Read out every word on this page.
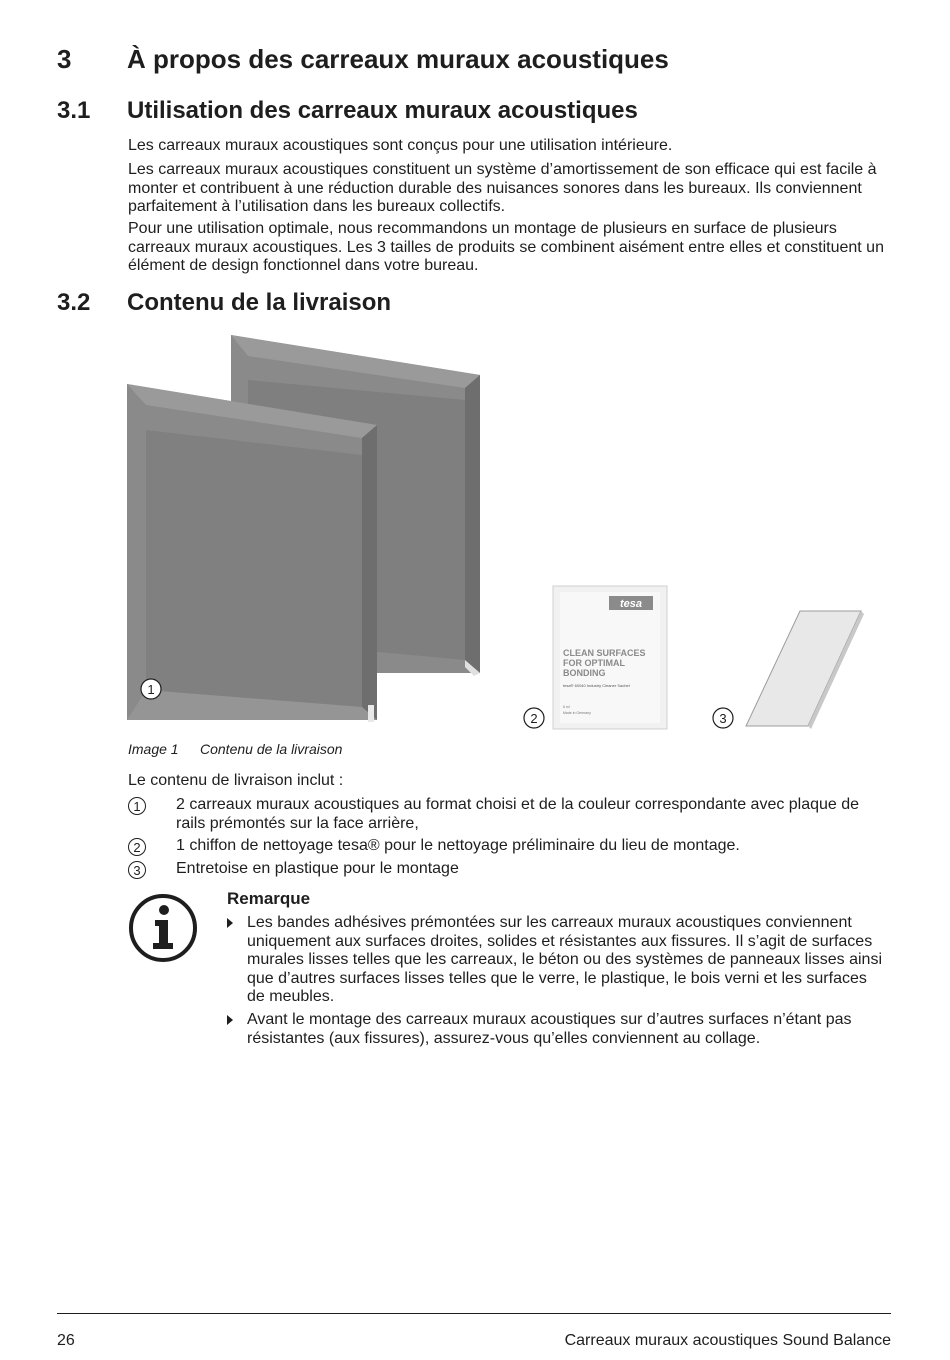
3 À propos des carreaux muraux acoustiques
3.1 Utilisation des carreaux muraux acoustiques

Les carreaux muraux acoustiques sont conçus pour une utilisation intérieure.

Les carreaux muraux acoustiques constituent un système d’amortissement de son efficace qui est facile à monter et contribuent à une réduction durable des nuisances sonores dans les bureaux. Ils conviennent parfaitement à l’utilisation dans les bureaux collectifs.

Pour une utilisation optimale, nous recommandons un montage de plusieurs en surface de plusieurs carreaux muraux acoustiques. Les 3 tailles de produits se combinent aisément entre elles et constituent un élément de design fonctionnel dans votre bureau.

3.2 Contenu de la livraison
1
tesa
CLEAN SURFACES
FOR OPTIMAL
BONDING
tesa® 60040 Industry Cleaner Sachet
6 ml
Made in Germany
2	3
Image 1 Contenu de la livraison
Le contenu de livraison inclut :
1	2 carreaux muraux acoustiques au format choisi et de la couleur correspondante avec plaque de rails prémontés sur la face arrière,
2	1 chiffon de nettoyage tesa® pour le nettoyage préliminaire du lieu de montage.
3	Entretoise en plastique pour le montage
Remarque
Les bandes adhésives prémontées sur les carreaux muraux acoustiques conviennent uniquement aux surfaces droites, solides et résistantes aux fissures. Il s’agit de surfaces murales lisses telles que les carreaux, le béton ou des systèmes de panneaux lisses ainsi que d’autres surfaces lisses telles que le verre, le plastique, le bois verni et les surfaces de meubles.
Avant le montage des carreaux muraux acoustiques sur d’autres surfaces n’étant pas résistantes (aux fissures), assurez-vous qu’elles conviennent au collage.
26	Carreaux muraux acoustiques Sound Balance
